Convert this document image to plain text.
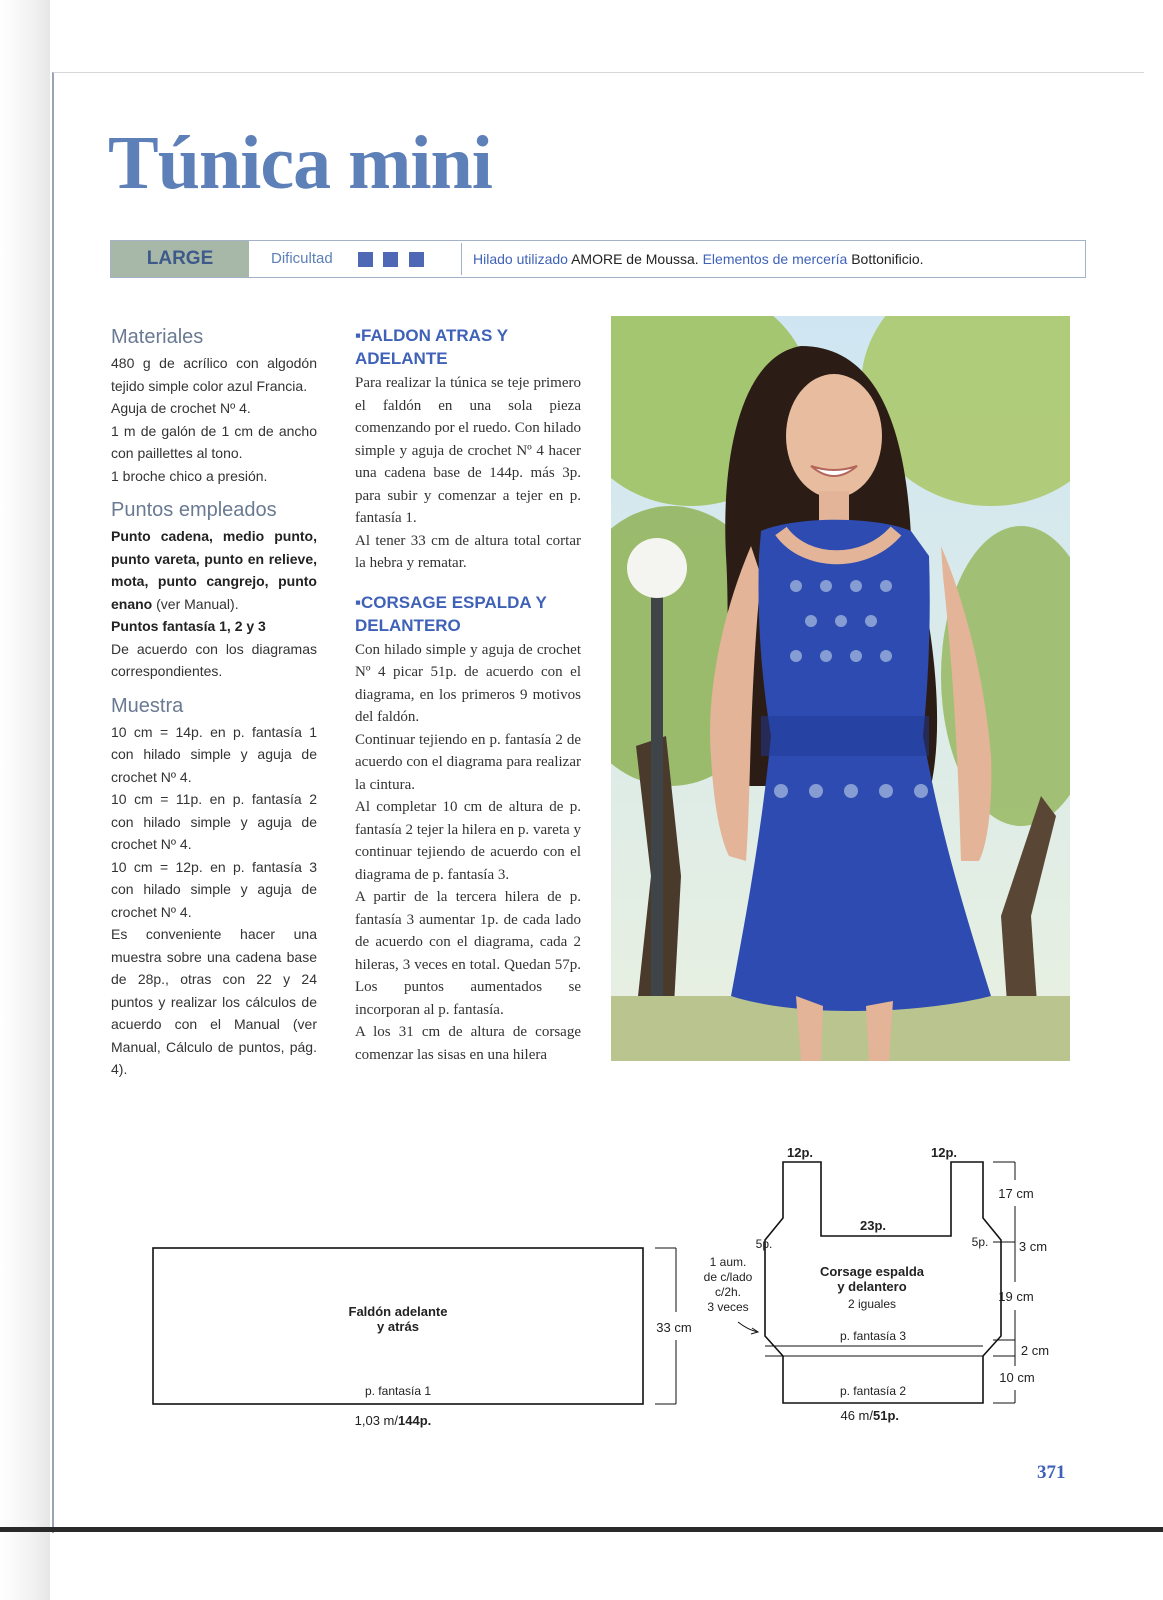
Túnica mini
LARGE	Dificultad	Hilado utilizado AMORE de Moussa. Elementos de mercería Bottonificio.
Materiales

480 g de acrílico con algodón tejido simple color azul Francia.

Aguja de crochet Nº 4.

1 m de galón de 1 cm de ancho con paillettes al tono.

1 broche chico a presión.

Puntos empleados

Punto cadena, medio punto, punto vareta, punto en relieve, mota, punto cangrejo, punto enano (ver Manual).

Puntos fantasía 1, 2 y 3

De acuerdo con los diagramas correspondientes.

Muestra

10 cm = 14p. en p. fantasía 1 con hilado simple y aguja de crochet Nº 4.

10 cm = 11p. en p. fantasía 2 con hilado simple y aguja de crochet Nº 4.

10 cm = 12p. en p. fantasía 3 con hilado simple y aguja de crochet Nº 4.

Es conveniente hacer una muestra sobre una cadena base de 28p., otras con 22 y 24 puntos y realizar los cálculos de acuerdo con el Manual (ver Manual, Cálculo de puntos, pág. 4).

▪FALDON ATRAS Y ADELANTE

Para realizar la túnica se teje primero el faldón en una sola pieza comenzando por el ruedo. Con hilado simple y aguja de crochet Nº 4 hacer una cadena base de 144p. más 3p. para subir y comenzar a tejer en p. fantasía 1.

Al tener 33 cm de altura total cortar la hebra y rematar.

▪CORSAGE ESPALDA Y DELANTERO

Con hilado simple y aguja de crochet Nº 4 picar 51p. de acuerdo con el diagrama, en los primeros 9 motivos del faldón.

Continuar tejiendo en p. fantasía 2 de acuerdo con el diagrama para realizar la cintura.

Al completar 10 cm de altura de p. fantasía 2 tejer la hilera en p. vareta y continuar tejiendo de acuerdo con el diagrama de p. fantasía 3.

A partir de la tercera hilera de p. fantasía 3 aumentar 1p. de cada lado de acuerdo con el diagrama, cada 2 hileras, 3 veces en total. Quedan 57p. Los puntos aumentados se incorporan al p. fantasía.

A los 31 cm de altura de corsage comenzar las sisas en una hilera

Faldón adelante
y atrás
p. fantasía 1
1,03 m/ 144p.
33 cm
12p.	12p.
23p.
5p.	5p.
Corsage espalda
y delantero
2 iguales
p. fantasía 3
p. fantasía 2
46 m/ 51p.
1 aum.
de c/lado
c/2h.
3 veces
17 cm
3 cm
19 cm
2 cm
10 cm
371
